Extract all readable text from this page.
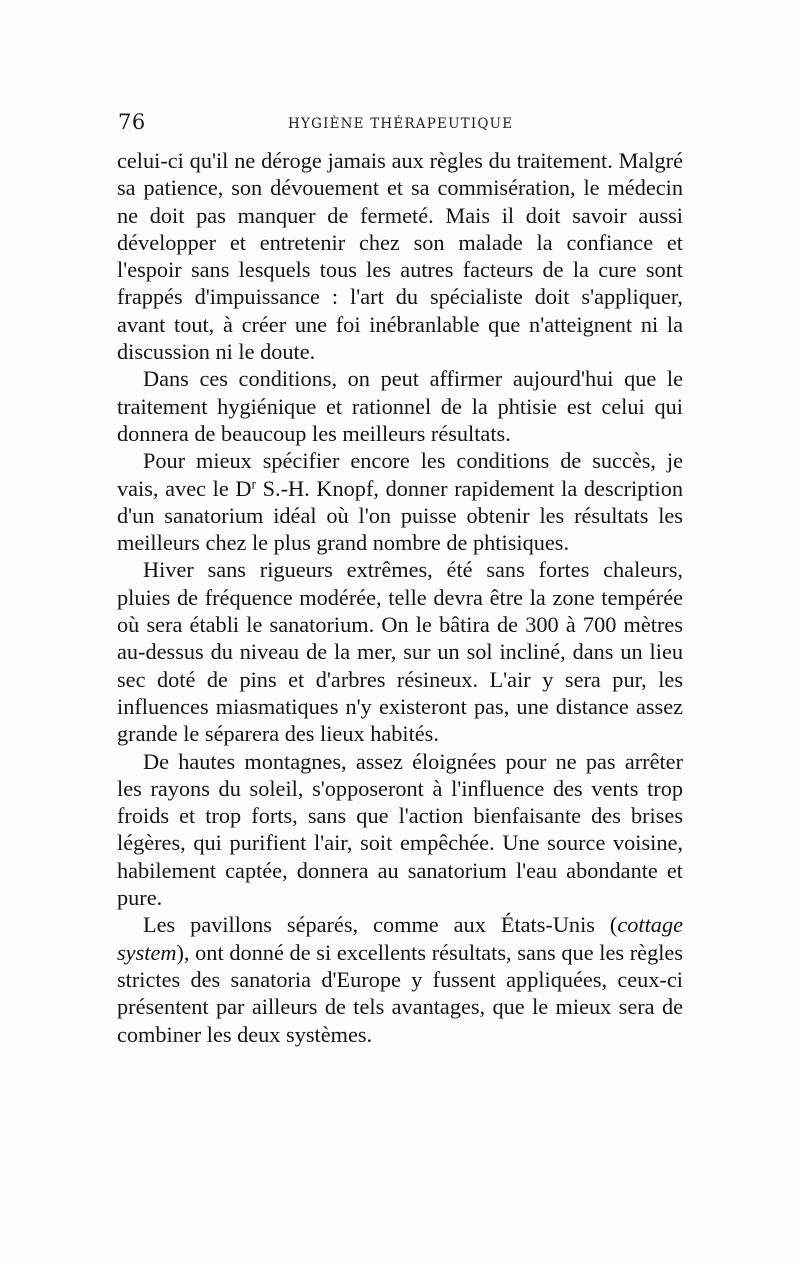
76	HYGIÈNE THÉRAPEUTIQUE

celui-ci qu'il ne déroge jamais aux règles du traitement. Malgré sa patience, son dévouement et sa commisération, le médecin ne doit pas manquer de fermeté. Mais il doit savoir aussi développer et entretenir chez son malade la confiance et l'espoir sans lesquels tous les autres facteurs de la cure sont frappés d'impuissance : l'art du spécialiste doit s'appliquer, avant tout, à créer une foi inébranlable que n'atteignent ni la discussion ni le doute.

Dans ces conditions, on peut affirmer aujourd'hui que le traitement hygiénique et rationnel de la phtisie est celui qui donnera de beaucoup les meilleurs résultats.

Pour mieux spécifier encore les conditions de succès, je vais, avec le $D^r$ S.-H. Knopf, donner rapidement la description d'un sanatorium idéal où l'on puisse obtenir les résultats les meilleurs chez le plus grand nombre de phtisiques.

Hiver sans rigueurs extrêmes, été sans fortes chaleurs, pluies de fréquence modérée, telle devra être la zone tempérée où sera établi le sanatorium. On le bâtira de 300 à 700 mètres au-dessus du niveau de la mer, sur un sol incliné, dans un lieu sec doté de pins et d'arbres résineux. L'air y sera pur, les influences miasmatiques n'y existeront pas, une distance assez grande le séparera des lieux habités.

De hautes montagnes, assez éloignées pour ne pas arrêter les rayons du soleil, s'opposeront à l'influence des vents trop froids et trop forts, sans que l'action bienfaisante des brises légères, qui purifient l'air, soit empêchée. Une source voisine, habilement captée, donnera au sanatorium l'eau abondante et pure.

Les pavillons séparés, comme aux États-Unis (cottage system), ont donné de si excellents résultats, sans que les règles strictes des sanatoria d'Europe y fussent appliquées, ceux-ci présentent par ailleurs de tels avantages, que le mieux sera de combiner les deux systèmes.
